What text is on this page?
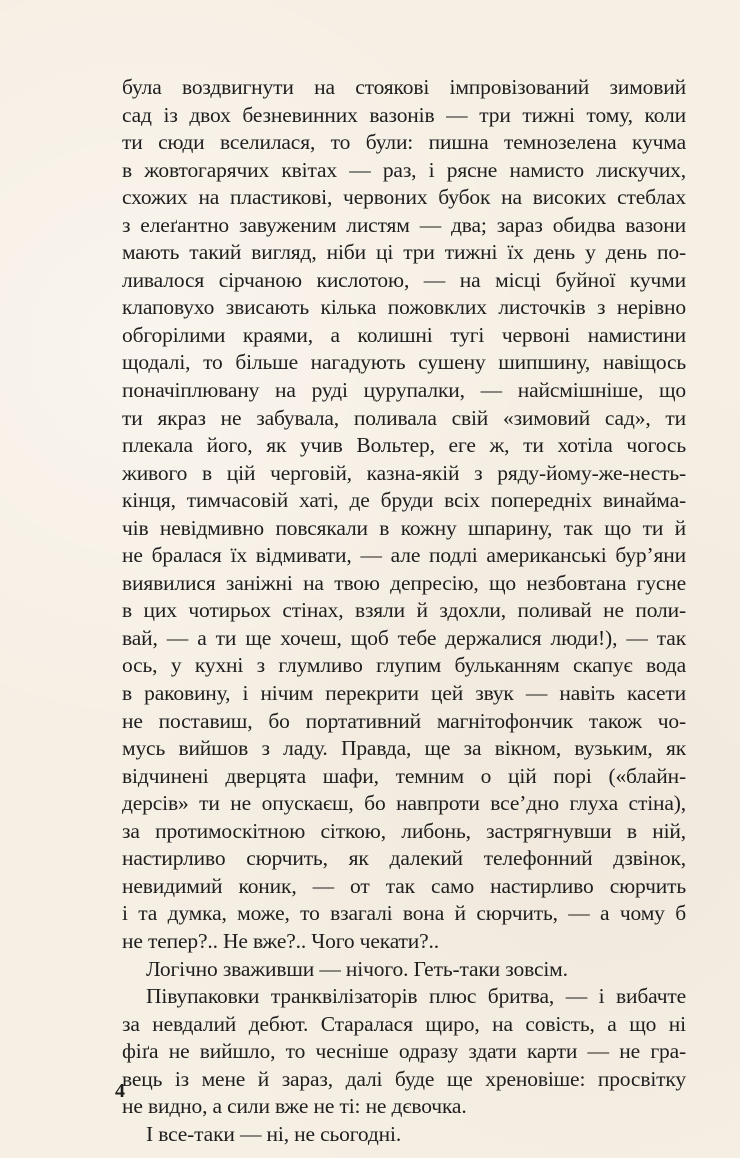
була воздвигнути на стоякові імпровізований зимовий
сад із двох безневинних вазонів — три тижні тому, коли
ти сюди вселилася, то були: пишна темнозелена кучма
в жовтогарячих квітах — раз, і рясне намисто лискучих,
схожих на пластикові, червоних бубок на високих стеблах
з елеґантно завуженим листям — два; зараз обидва вазони
мають такий вигляд, ніби ці три тижні їх день у день по-
ливалося сірчаною кислотою, — на місці буйної кучми
клаповухо звисають кілька пожовклих листочків з нерівно
обгорілими краями, а колишні тугі червоні намистини
щодалі, то більше нагадують сушену шипшину, навіщось
поначіплювану на руді цурупалки, — найсмішніше, що
ти якраз не забувала, поливала свій «зимовий сад», ти
плекала його, як учив Вольтер, еге ж, ти хотіла чогось
живого в цій черговій, казна-якій з ряду-йому-же-несть-
кінця, тимчасовій хаті, де бруди всіх попередніх винайма-
чів невідмивно повсякали в кожну шпарину, так що ти й
не бралася їх відмивати, — але подлі американські бур’яни
виявилися заніжні на твою депресію, що незбовтана гусне
в цих чотирьох стінах, взяли й здохли, поливай не поли-
вай, — а ти ще хочеш, щоб тебе держалися люди!), — так
ось, у кухні з глумливо глупим бульканням скапує вода
в раковину, і нічим перекрити цей звук — навіть касети
не поставиш, бо портативний магнітофончик також чо-
мусь вийшов з ладу. Правда, ще за вікном, вузьким, як
відчинені дверцята шафи, темним о цій порі («блайн-
дерсів» ти не опускаєш, бо навпроти все’дно глуха стіна),
за протимоскітною сіткою, либонь, застрягнувши в ній,
настирливо сюрчить, як далекий телефонний дзвінок,
невидимий коник, — от так само настирливо сюрчить
і та думка, може, то взагалі вона й сюрчить, — а чому б
не тепер?.. Не вже?.. Чого чекати?..
Логічно зваживши — нічого. Геть-таки зовсім.
Півупаковки транквілізаторів плюс бритва, — і вибачте
за невдалий дебют. Старалася щиро, на совість, а що ні
фіґа не вийшло, то чесніше одразу здати карти — не гра-
вець із мене й зараз, далі буде ще хреновіше: просвітку
не видно, а сили вже не ті: не дєвочка.
І все-таки — ні, не сьогодні.
4
